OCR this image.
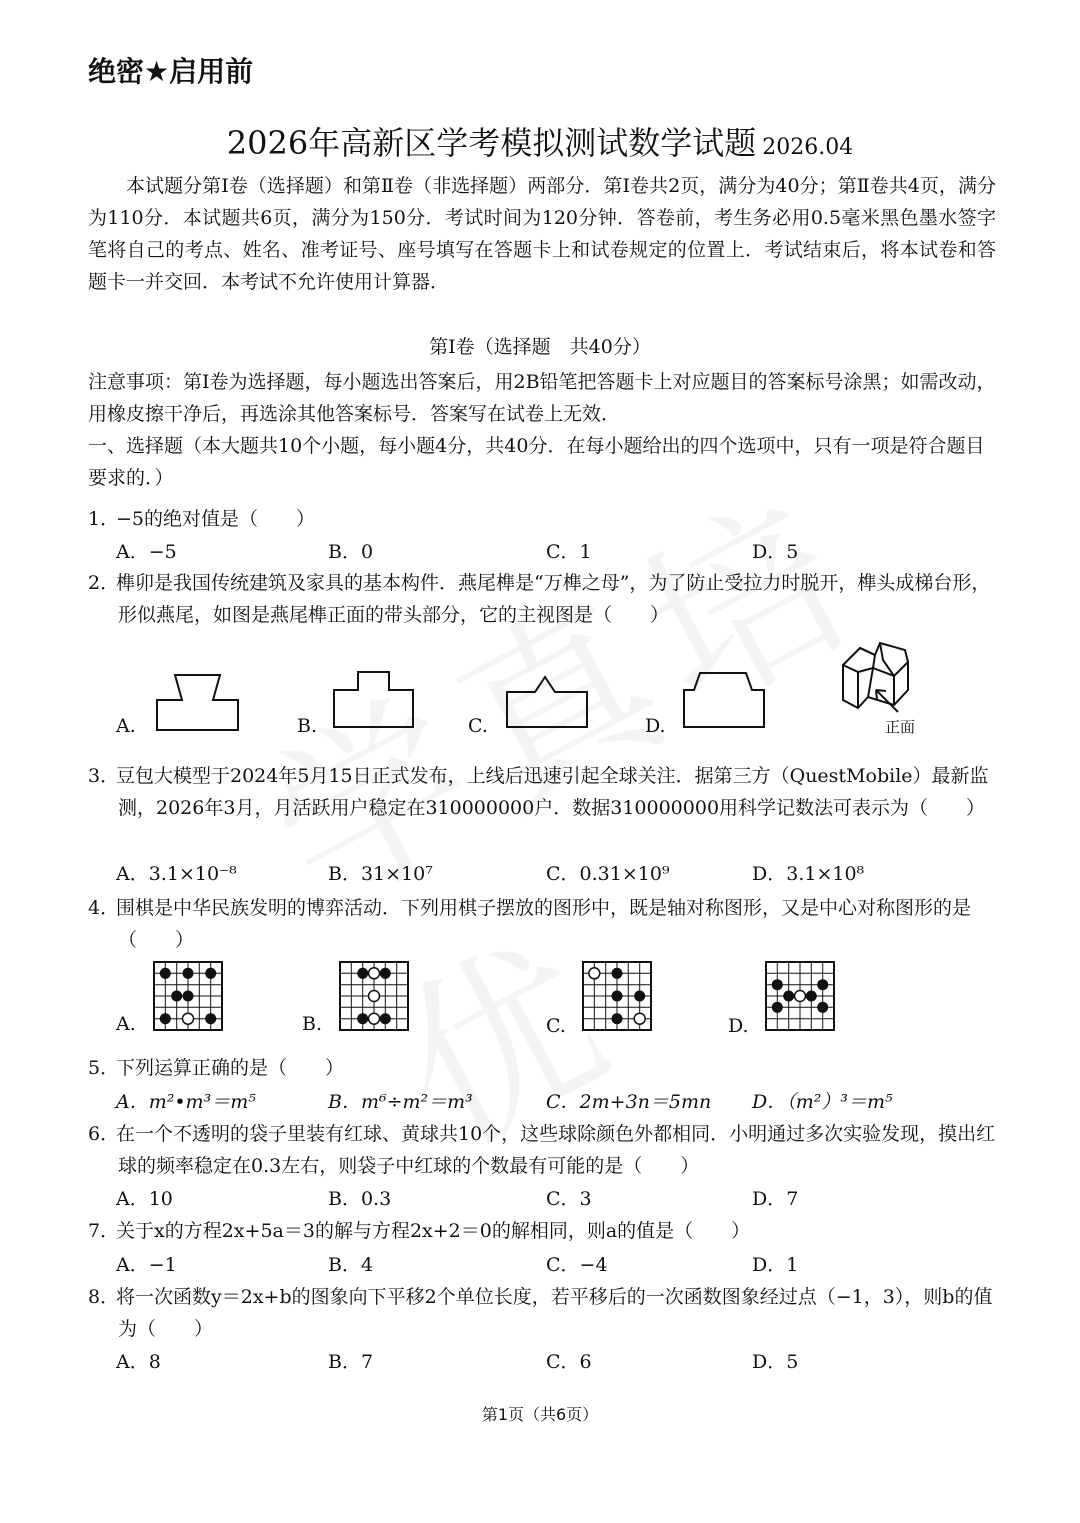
绝密★启用前
2026年高新区学考模拟测试数学试题 2026.04
本试题分第Ⅰ卷（选择题）和第Ⅱ卷（非选择题）两部分．第Ⅰ卷共2页，满分为40分；第Ⅱ卷共4页，满分为110分．本试题共6页，满分为150分．考试时间为120分钟．答卷前，考生务必用0.5毫米黑色墨水签字笔将自己的考点、姓名、准考证号、座号填写在答题卡上和试卷规定的位置上．考试结束后，将本试卷和答题卡一并交回．本考试不允许使用计算器．
第Ⅰ卷（选择题　共40分）
注意事项：第Ⅰ卷为选择题，每小题选出答案后，用2B铅笔把答题卡上对应题目的答案标号涂黑；如需改动，用橡皮擦干净后，再选涂其他答案标号．答案写在试卷上无效．
一、选择题（本大题共10个小题，每小题4分，共40分．在每小题给出的四个选项中，只有一项是符合题目要求的．）
1．−5的绝对值是（　　）
A．−5	B．0	C．1	D．5
2．榫卯是我国传统建筑及家具的基本构件．燕尾榫是“万榫之母”，为了防止受拉力时脱开，榫头成梯台形，形似燕尾，如图是燕尾榫正面的带头部分，它的主视图是（　　）
A.	B.	C.	D.	正面
3．豆包大模型于2024年5月15日正式发布，上线后迅速引起全球关注．据第三方（QuestMobile）最新监测，2026年3月，月活跃用户稳定在310000000户．数据310000000用科学记数法可表示为（　　）
A．3.1×10⁻⁸	B．31×10⁷	C．0.31×10⁹	D．3.1×10⁸
4．围棋是中华民族发明的博弈活动．下列用棋子摆放的图形中，既是轴对称图形，又是中心对称图形的是（　　）
A.	B.	C.	D.
5．下列运算正确的是（　　）
A．m²•m³＝m⁵	B．m⁶÷m²＝m³	C．2m+3n＝5mn D．（m²）³＝m⁵
6．在一个不透明的袋子里装有红球、黄球共10个，这些球除颜色外都相同．小明通过多次实验发现，摸出红球的频率稳定在0.3左右，则袋子中红球的个数最有可能的是（　　）
A．10	B．0.3	C．3	D．7
7．关于x的方程2x+5a＝3的解与方程2x+2＝0的解相同，则a的值是（　　）
A．−1	B．4	C．−4	D．1
8．将一次函数y＝2x+b的图象向下平移2个单位长度，若平移后的一次函数图象经过点（−1，3），则b的值为（　　）
A．8	B．7	C．6	D．5
第1页（共6页）
